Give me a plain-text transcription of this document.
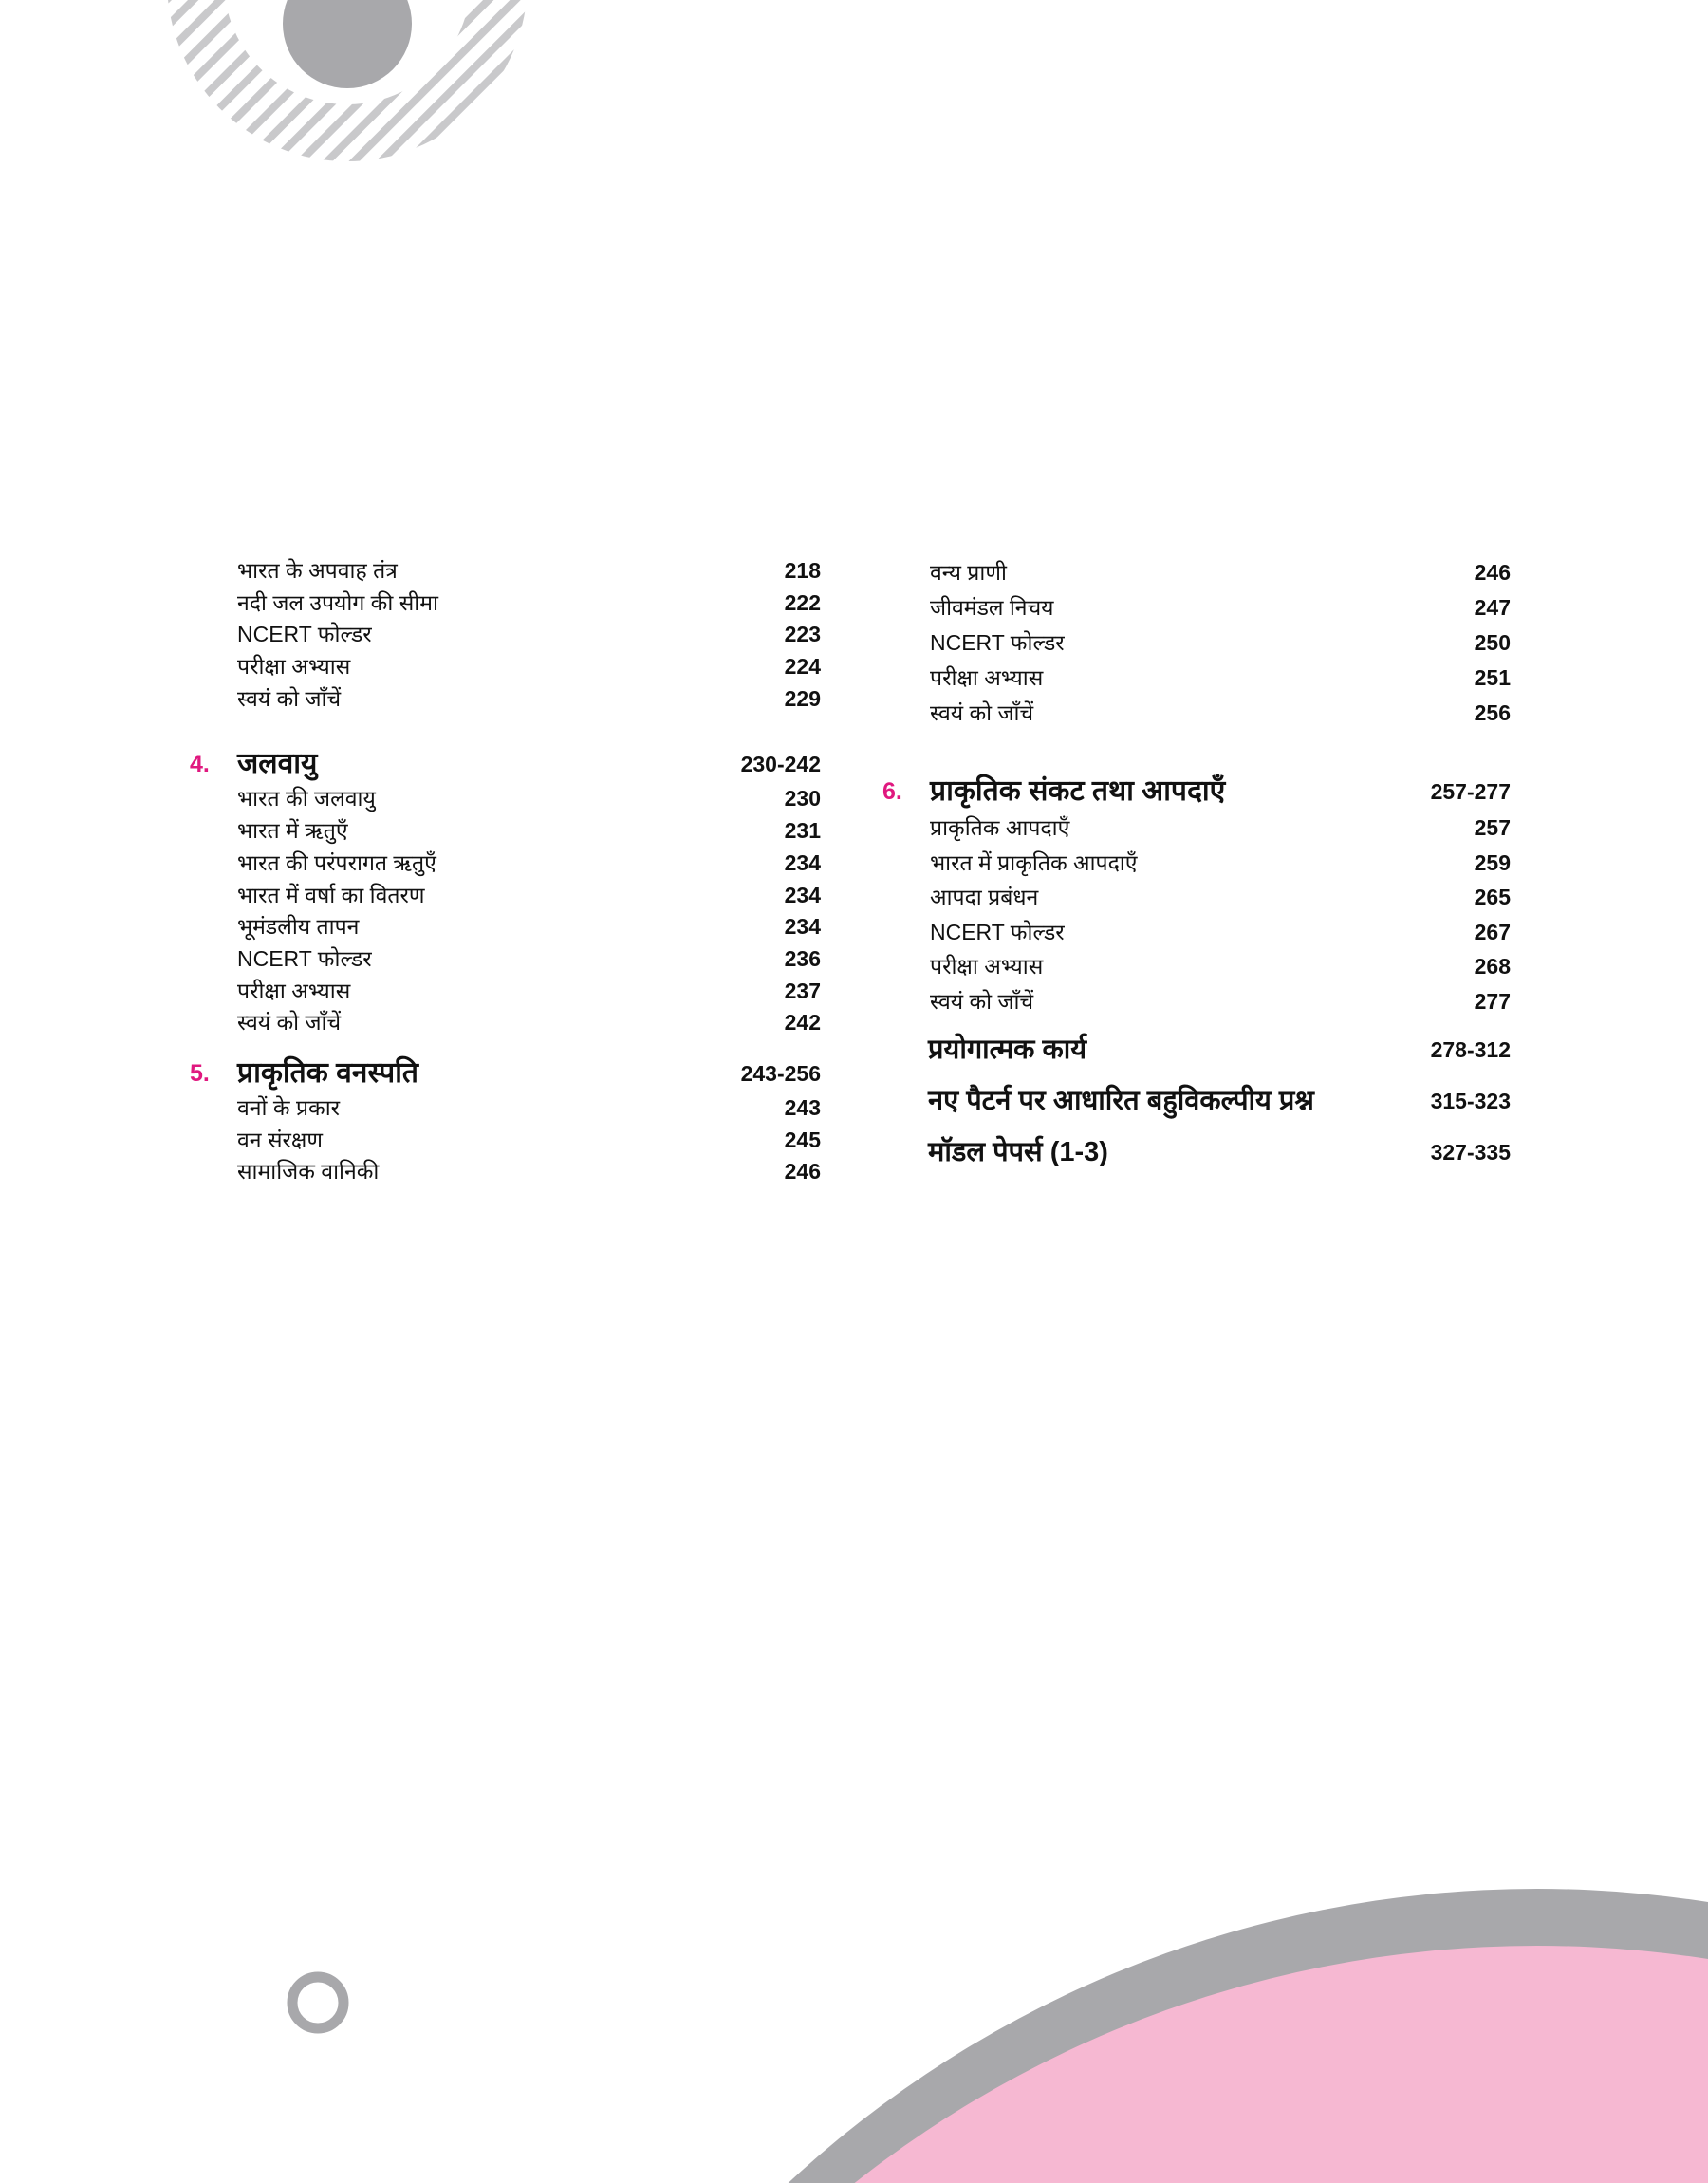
भारत के अपवाह तंत्र	218
नदी जल उपयोग की सीमा	222
NCERT फोल्डर	223
परीक्षा अभ्यास	224
स्वयं को जाँचें	229
4. जलवायु	230-242
भारत की जलवायु	230
भारत में ऋतुएँ	231
भारत की परंपरागत ऋतुएँ	234
भारत में वर्षा का वितरण	234
भूमंडलीय तापन	234
NCERT फोल्डर	236
परीक्षा अभ्यास	237
स्वयं को जाँचें	242
5. प्राकृतिक वनस्पति	243-256
वनों के प्रकार	243
वन संरक्षण	245
सामाजिक वानिकी	246
वन्य प्राणी	246
जीवमंडल निचय	247
NCERT फोल्डर	250
परीक्षा अभ्यास	251
स्वयं को जाँचें	256
6. प्राकृतिक संकट तथा आपदाएँ	257-277
प्राकृतिक आपदाएँ	257
भारत में प्राकृतिक आपदाएँ	259
आपदा प्रबंधन	265
NCERT फोल्डर	267
परीक्षा अभ्यास	268
स्वयं को जाँचें	277
प्रयोगात्मक कार्य	278-312
नए पैटर्न पर आधारित बहुविकल्पीय प्रश्न	315-323
मॉडल पेपर्स (1-3)	327-335
